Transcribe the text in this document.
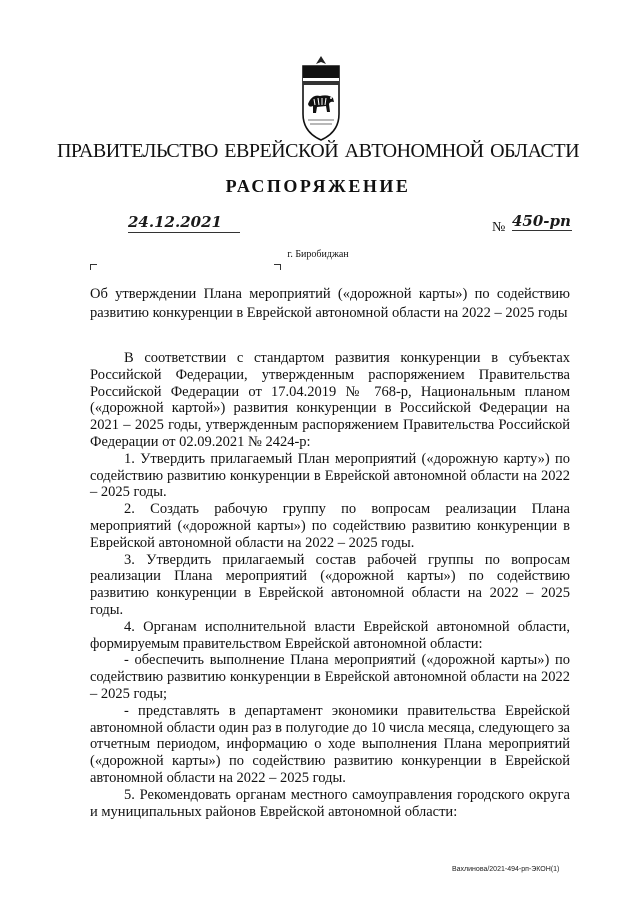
ПРАВИТЕЛЬСТВО ЕВРЕЙСКОЙ АВТОНОМНОЙ ОБЛАСТИ
РАСПОРЯЖЕНИЕ
24.12.2021	№ 450-рп
г. Биробиджан
Об утверждении Плана мероприятий («дорожной карты») по содействию развитию конкуренции в Еврейской автономной области на 2022 – 2025 годы

В соответствии с стандартом развития конкуренции в субъектах Российской Федерации, утвержденным распоряжением Правительства Российской Федерации от 17.04.2019 № 768-р, Национальным планом («дорожной картой») развития конкуренции в Российской Федерации на 2021 – 2025 годы, утвержденным распоряжением Правительства Российской Федерации от 02.09.2021 № 2424-р:

1. Утвердить прилагаемый План мероприятий («дорожную карту») по содействию развитию конкуренции в Еврейской автономной области на 2022 – 2025 годы.

2. Создать рабочую группу по вопросам реализации Плана мероприятий («дорожной карты») по содействию развитию конкуренции в Еврейской автономной области на 2022 – 2025 годы.

3. Утвердить прилагаемый состав рабочей группы по вопросам реализации Плана мероприятий («дорожной карты») по содействию развитию конкуренции в Еврейской автономной области на 2022 – 2025 годы.

4. Органам исполнительной власти Еврейской автономной области, формируемым правительством Еврейской автономной области:

- обеспечить выполнение Плана мероприятий («дорожной карты») по содействию развитию конкуренции в Еврейской автономной области на 2022 – 2025 годы;

- представлять в департамент экономики правительства Еврейской автономной области один раз в полугодие до 10 числа месяца, следующего за отчетным периодом, информацию о ходе выполнения Плана мероприятий («дорожной карты») по содействию развитию конкуренции в Еврейской автономной области на 2022 – 2025 годы.

5. Рекомендовать органам местного самоуправления городского округа и муниципальных районов Еврейской автономной области:

Вахлинова/2021-494-рп-ЭКОН(1)
